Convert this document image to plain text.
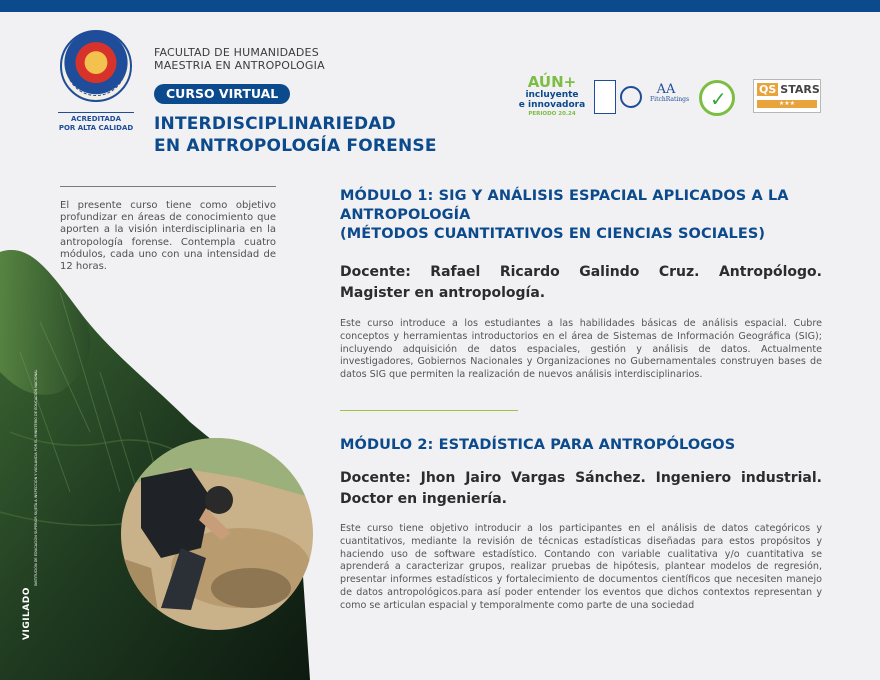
ACREDITADA
POR ALTA CALIDAD
FACULTAD DE HUMANIDADES
MAESTRIA EN ANTROPOLOGIA
CURSO VIRTUAL
INTERDISCIPLINARIEDAD
EN ANTROPOLOGÍA FORENSE
AÚN+
incluyente
e innovadora
PERIODO 20.24
AA
FitchRatings ✓	QS STARS
★★★
El presente curso tiene como objetivo profundizar en áreas de conocimiento que aporten a la visión interdisciplinaria en la antropología forense. Contempla cuatro módulos, cada uno con una intensidad de 12 horas.
VIGILADO
INSTITUCIÓN DE EDUCACIÓN SUPERIOR SUJETA A INSPECCIÓN Y VIGILANCIA POR EL MINISTERIO DE EDUCACIÓN NACIONAL
MÓDULO 1: SIG Y ANÁLISIS ESPACIAL APLICADOS A LA
ANTROPOLOGÍA
(MÉTODOS CUANTITATIVOS EN CIENCIAS SOCIALES)
Docente: Rafael Ricardo Galindo Cruz. Antropólogo. Magister en antropología.
Este curso introduce a los estudiantes a las habilidades básicas de análisis espacial. Cubre conceptos y herramientas introductorios en el área de Sistemas de Información Geográfica (SIG); incluyendo adquisición de datos espaciales, gestión y análisis de datos. Actualmente investigadores, Gobiernos Nacionales y Organizaciones no Gubernamentales construyen bases de datos SIG que permiten la realización de nuevos análisis interdisciplinarios.
MÓDULO 2: ESTADÍSTICA PARA ANTROPÓLOGOS
Docente: Jhon Jairo Vargas Sánchez. Ingeniero industrial. Doctor en ingeniería.
Este curso tiene objetivo introducir a los participantes en el análisis de datos categóricos y cuantitativos, mediante la revisión de técnicas estadísticas diseñadas para estos propósitos y haciendo uso de software estadístico. Contando con variable cualitativa y/o cuantitativa se aprenderá a caracterizar grupos, realizar pruebas de hipótesis, plantear modelos de regresión, presentar informes estadísticos y fortalecimiento de documentos científicos que necesiten manejo de datos antropológicos.para así poder entender los eventos que dichos contextos representan y como se articulan espacial y temporalmente como parte de una sociedad
